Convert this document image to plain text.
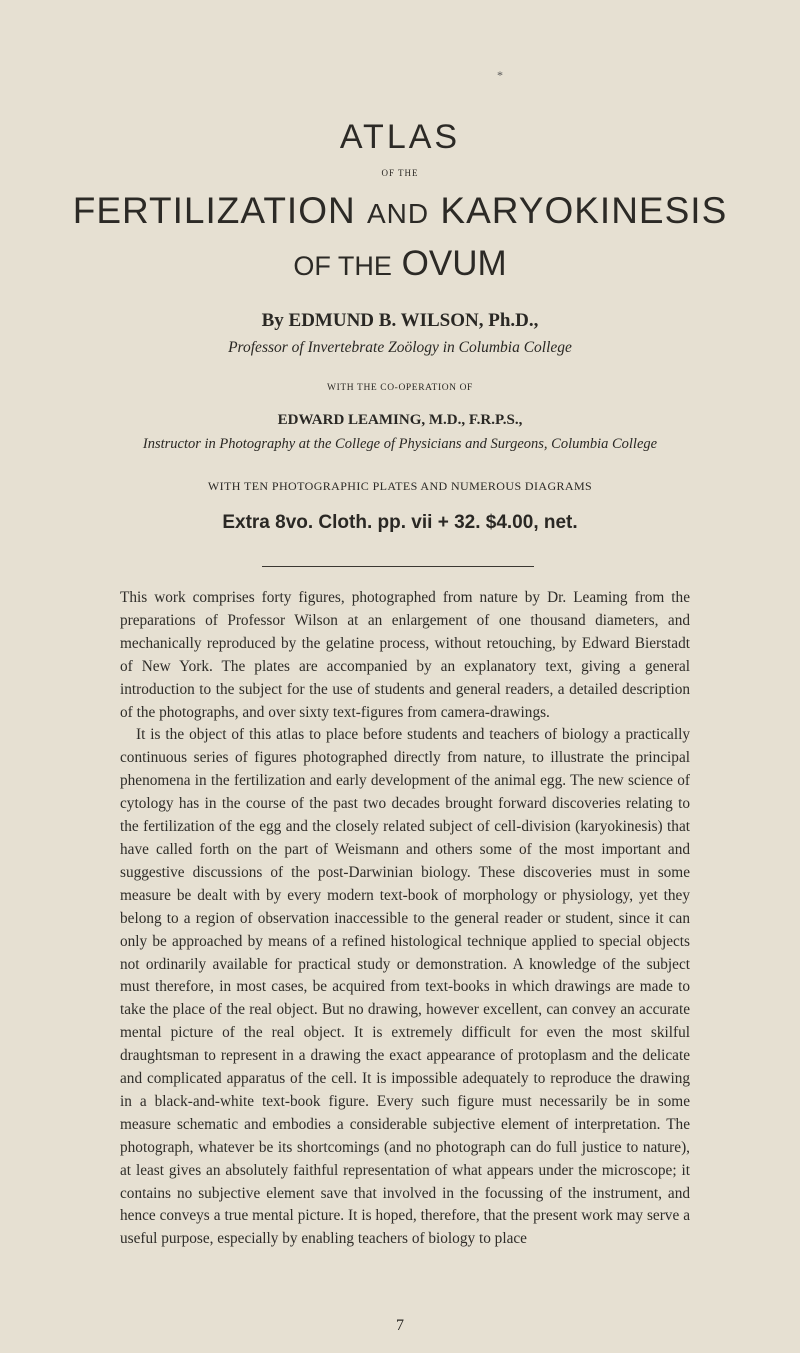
*
ATLAS
OF THE
FERTILIZATION AND KARYOKINESIS
OF THE OVUM
By EDMUND B. WILSON, Ph.D.,
Professor of Invertebrate Zoölogy in Columbia College
WITH THE CO-OPERATION OF
EDWARD LEAMING, M.D., F.R.P.S.,
Instructor in Photography at the College of Physicians and Surgeons, Columbia College
WITH TEN PHOTOGRAPHIC PLATES AND NUMEROUS DIAGRAMS
Extra 8vo. Cloth. pp. vii + 32. $4.00, net.

This work comprises forty figures, photographed from nature by Dr. Leaming from the preparations of Professor Wilson at an enlargement of one thousand diameters, and mechanically reproduced by the gelatine process, without retouching, by Edward Bierstadt of New York. The plates are accompanied by an explanatory text, giving a general introduction to the subject for the use of students and general readers, a detailed description of the photographs, and over sixty text-figures from camera-drawings.

It is the object of this atlas to place before students and teachers of biology a practically continuous series of figures photographed directly from nature, to illustrate the principal phenomena in the fertilization and early development of the animal egg. The new science of cytology has in the course of the past two decades brought forward discoveries relating to the fertilization of the egg and the closely related subject of cell-division (karyokinesis) that have called forth on the part of Weismann and others some of the most important and suggestive discussions of the post-Darwinian biology. These discoveries must in some measure be dealt with by every modern text-book of morphology or physiology, yet they belong to a region of observation inaccessible to the general reader or student, since it can only be approached by means of a refined histological technique applied to special objects not ordinarily available for practical study or demonstration. A knowledge of the subject must therefore, in most cases, be acquired from text-books in which drawings are made to take the place of the real object. But no drawing, however excellent, can convey an accurate mental picture of the real object. It is extremely difficult for even the most skilful draughtsman to represent in a drawing the exact appearance of protoplasm and the delicate and complicated apparatus of the cell. It is impossible adequately to reproduce the drawing in a black-and-white text-book figure. Every such figure must necessarily be in some measure schematic and embodies a considerable subjective element of interpretation. The photograph, whatever be its shortcomings (and no photograph can do full justice to nature), at least gives an absolutely faithful representation of what appears under the microscope; it contains no subjective element save that involved in the focussing of the instrument, and hence conveys a true mental picture. It is hoped, therefore, that the present work may serve a useful purpose, especially by enabling teachers of biology to place

7
